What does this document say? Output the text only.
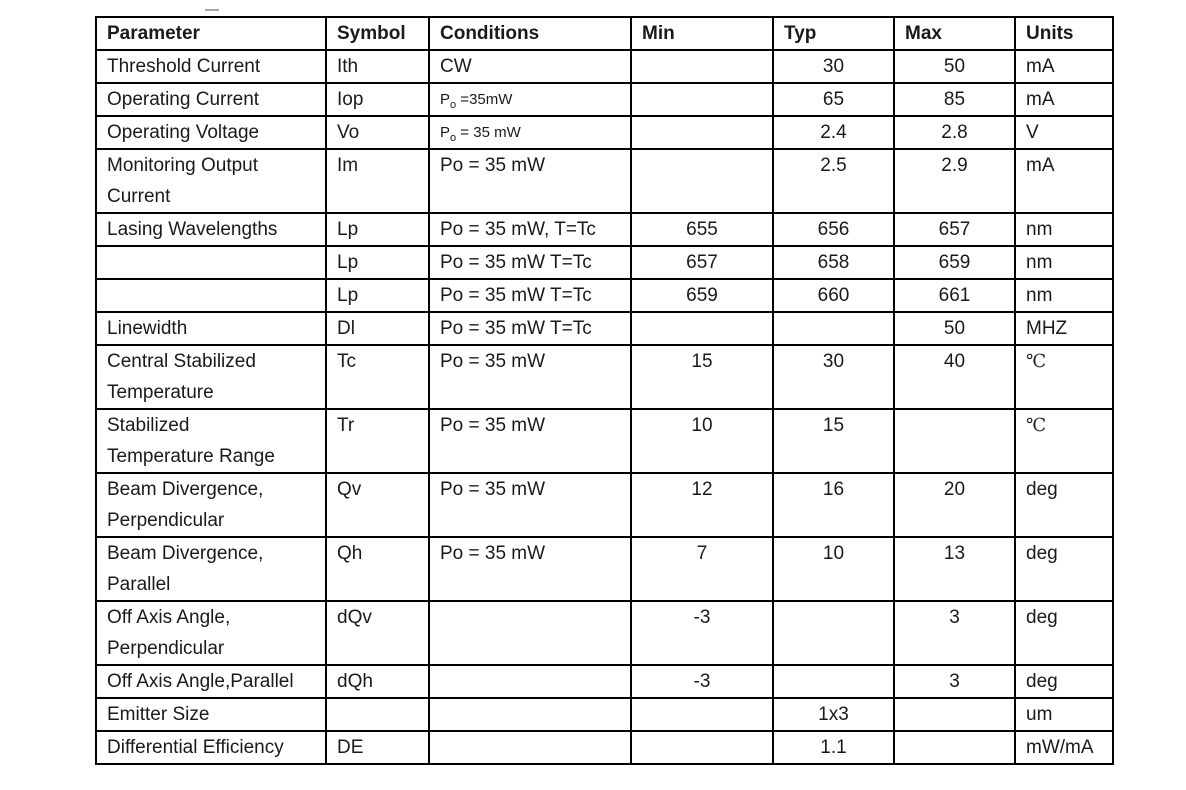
Parameter	Symbol	Conditions	Min	Typ	Max	Units
Threshold Current	Ith	CW		30	50	mA
Operating Current	Iop	$P_o =35mW$		65	85	mA
Operating Voltage	Vo	$P_o = 35$ mW		2.4	2.8	V
Monitoring Output
Current	Im	Po = 35 mW		2.5	2.9	mA
Lasing Wavelengths	Lp	Po = 35 mW, T=Tc	655	656	657	nm
	Lp	Po = 35 mW T=Tc	657	658	659	nm
	Lp	Po = 35 mW T=Tc	659	660	661	nm
Linewidth	Dl	Po = 35 mW T=Tc			50	MHZ
Central Stabilized
Temperature	Tc	Po = 35 mW	15	30	40	℃
Stabilized
Temperature Range	Tr	Po = 35 mW	10	15		℃
Beam Divergence,
Perpendicular	Qv	Po = 35 mW	12	16	20	deg
Beam Divergence,
Parallel	Qh	Po = 35 mW	7	10	13	deg
Off Axis Angle,
Perpendicular	dQv		-3		3	deg
Off Axis Angle,Parallel	dQh		-3		3	deg
Emitter Size				1x3		um
Differential Efficiency	DE			1.1		mW/mA
